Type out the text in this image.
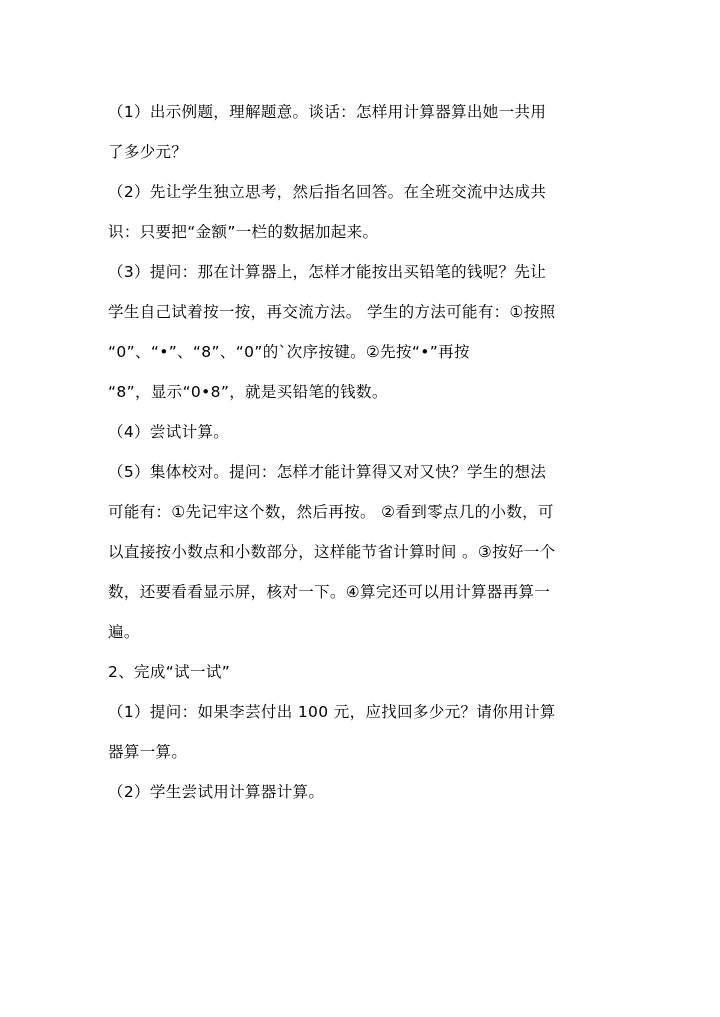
（1）出示例题，理解题意。谈话：怎样用计算器算出她一共用
了多少元？
（2）先让学生独立思考，然后指名回答。在全班交流中达成共
识：只要把“金额”一栏的数据加起来。
（3）提问：那在计算器上，怎样才能按出买铅笔的钱呢？先让
学生自己试着按一按，再交流方法。 学生的方法可能有：①按照
“0”、“•”、“8”、“0”的`次序按键。②先按“•”再按
“8”，显示“0•8”，就是买铅笔的钱数。
（4）尝试计算。
（5）集体校对。提问：怎样才能计算得又对又快？学生的想法
可能有：①先记牢这个数，然后再按。 ②看到零点几的小数，可
以直接按小数点和小数部分，这样能节省计算时间 。③按好一个
数，还要看看显示屏，核对一下。④算完还可以用计算器再算一
遍。
2、完成“试一试”
（1）提问：如果李芸付出 100 元，应找回多少元？请你用计算
器算一算。
（2）学生尝试用计算器计算。
